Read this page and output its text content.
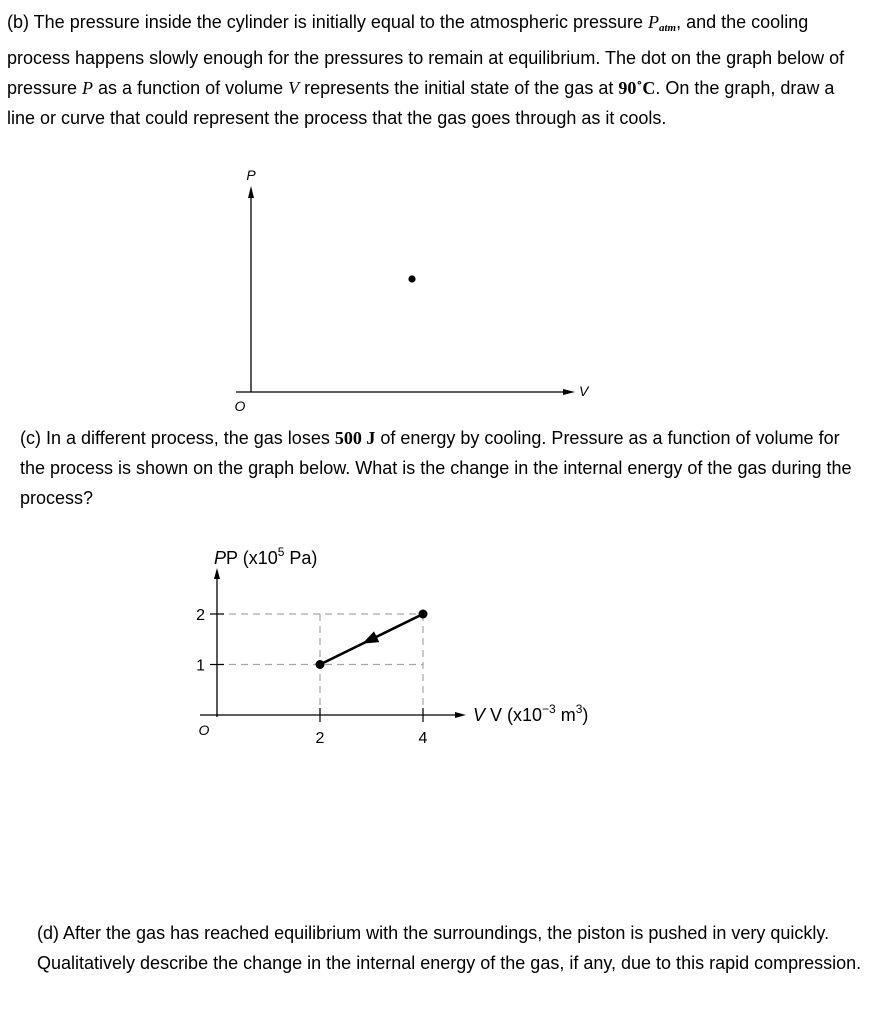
(b) The pressure inside the cylinder is initially equal to the atmospheric pressure $P_{atm}$, and the cooling process happens slowly enough for the pressures to remain at equilibrium. The dot on the graph below of pressure P as a function of volume V represents the initial state of the gas at 90˚C. On the graph, draw a line or curve that could represent the process that the gas goes through as it cools.

(c) In a different process, the gas loses 500 J of energy by cooling. Pressure as a function of volume for the process is shown on the graph below. What is the change in the internal energy of the gas during the process?

(d) After the gas has reached equilibrium with the surroundings, the piston is pushed in very quickly. Qualitatively describe the change in the internal energy of the gas, if any, due to this rapid compression.

P
V
O
PP ($x10^5$ Pa)
V V ($x10^{-3}$ $m^3$)
O
1
2
2	4
